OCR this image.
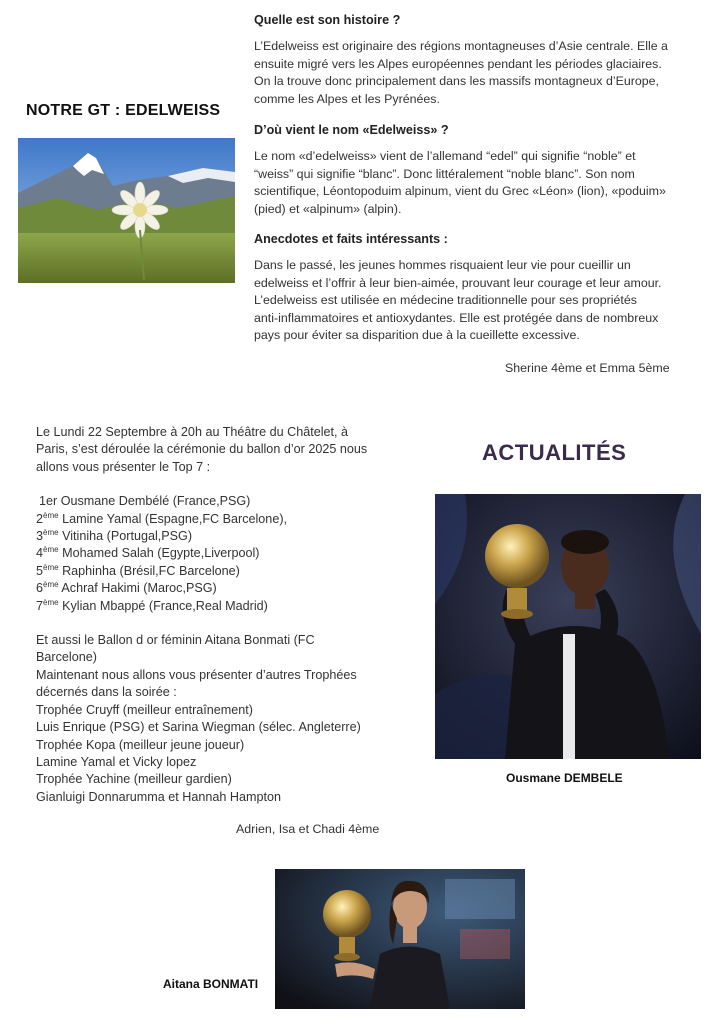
NOTRE GT : EDELWEISS
Quelle est son histoire ?

L’Edelweiss est originaire des régions montagneuses d’Asie centrale. Elle a

ensuite migré vers les Alpes européennes pendant les périodes glaciaires.

On la trouve donc principalement dans les massifs montagneux d’Europe,

comme les Alpes et les Pyrénées.

D’où vient le nom «Edelweiss» ?

Le nom «d’edelweiss» vient de l’allemand “edel” qui signifie “noble” et

“weiss” qui signifie “blanc”. Donc littéralement “noble blanc”. Son nom

scientifique, Léontopoduim alpinum, vient du Grec «Léon» (lion), «poduim»

(pied) et «alpinum» (alpin).

Anecdotes et faits intéressants :

Dans le passé, les jeunes hommes risquaient leur vie pour cueillir un

edelweiss et l’offrir à leur bien-aimée, prouvant leur courage et leur amour.

L’edelweiss est utilisée en médecine traditionnelle pour ses propriétés

anti-inflammatoires et antioxydantes. Elle est protégée dans de nombreux

pays pour éviter sa disparition due à la cueillette excessive.

Sherine 4ème et Emma 5ème
ACTUALITÉS

Le Lundi 22 Septembre à 20h au Théâtre du Châtelet, à

Paris, s’est déroulée la cérémonie du ballon d’or 2025 nous

allons vous présenter le Top 7 :

1er Ousmane Dembélé (France,PSG)

2ème Lamine Yamal (Espagne,FC Barcelone),

3ème Vitiniha (Portugal,PSG)

4ème Mohamed Salah (Egypte,Liverpool)

5ème Raphinha (Brésil,FC Barcelone)

6ème Achraf Hakimi (Maroc,PSG)

7ème Kylian Mbappé (France,Real Madrid)

Et aussi le Ballon d or féminin Aitana Bonmati (FC

Barcelone)

Maintenant nous allons vous présenter d’autres Trophées

décernés dans la soirée :

Trophée Cruyff (meilleur entraînement)

Luis Enrique (PSG) et Sarina Wiegman (sélec. Angleterre)

Trophée Kopa (meilleur jeune joueur)

Lamine Yamal et Vicky lopez

Trophée Yachine (meilleur gardien)

Gianluigi Donnarumma et Hannah Hampton

Adrien, Isa et Chadi 4ème
Ousmane DEMBELE
Aitana BONMATI
